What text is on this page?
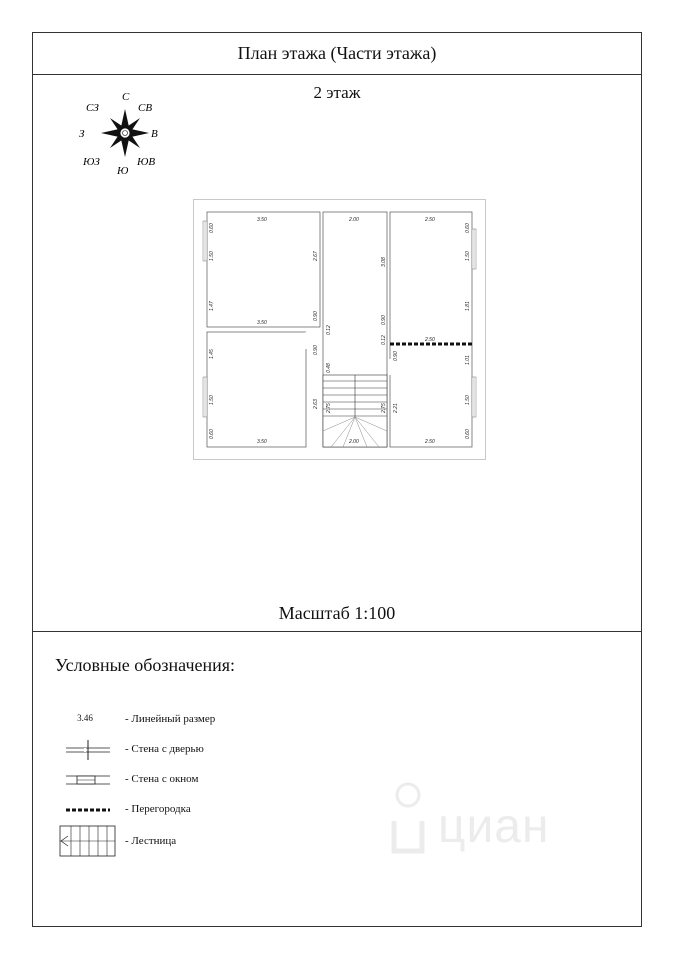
План этажа (Части этажа)
2 этаж
С
СВ
В
ЮВ
Ю
ЮЗ
З
СЗ
3.50	2.00	2.50
3.50
2.50
3.50	2.00	2.50
0.60
1.50
1.47
1.45
1.50
0.60
2.67
0.90
0.12
0.90
0.48
2.63 2.75
3.08
0.90
0.12
2.75
0.90
2.21
0.60
1.50
1.81
1.01
1.50
0.60
Масштаб 1:100
Условные обозначения:
3.46	- Линейный размер
- Стена с дверью
- Стена с окном
- Перегородка
- Лестница	циан
